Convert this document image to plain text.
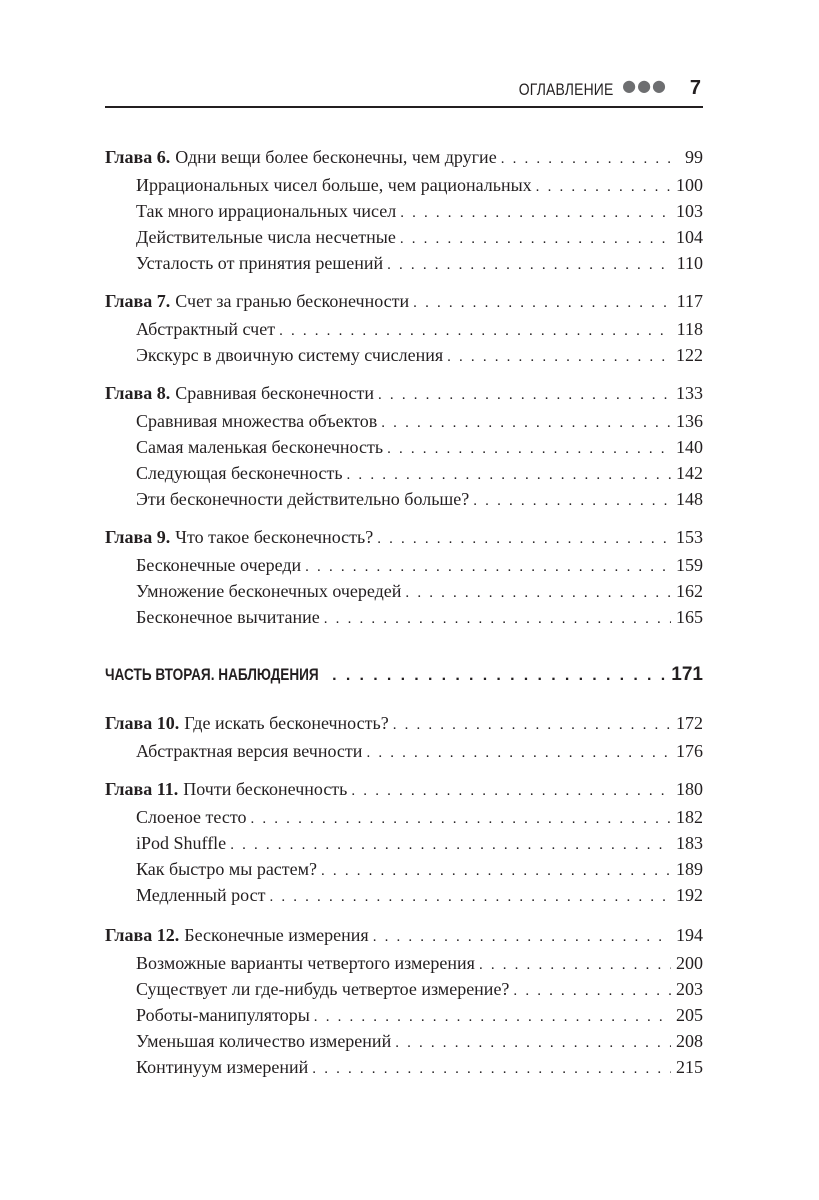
ОГЛАВЛЕНИЕ ●●● 7
Глава 6. Одни вещи более бесконечны, чем другие . . .	99
Иррациональных чисел больше, чем рациональных . . .	100
Так много иррациональных чисел . . .	103
Действительные числа несчетные . . .	104
Усталость от принятия решений . . .	110
Глава 7. Счет за гранью бесконечности . . .	117
Абстрактный счет . . .	118
Экскурс в двоичную систему счисления . . .	122
Глава 8. Сравнивая бесконечности . . .	133
Сравнивая множества объектов . . .	136
Самая маленькая бесконечность . . .	140
Следующая бесконечность . . .	142
Эти бесконечности действительно больше? . . .	148
Глава 9. Что такое бесконечность? . . .	153
Бесконечные очереди . . .	159
Умножение бесконечных очередей . . .	162
Бесконечное вычитание . . .	165
ЧАСТЬ ВТОРАЯ. НАБЛЮДЕНИЯ . . .	171
Глава 10. Где искать бесконечность? . . .	172
Абстрактная версия вечности . . .	176
Глава 11. Почти бесконечность . . .	180
Слоеное тесто . . .	182
iPod Shuffle . . .	183
Как быстро мы растем? . . .	189
Медленный рост . . .	192
Глава 12. Бесконечные измерения . . .	194
Возможные варианты четвертого измерения . . .	200
Существует ли где-нибудь четвертое измерение? . . .	203
Роботы-манипуляторы . . .	205
Уменьшая количество измерений . . .	208
Континуум измерений . . .	215
